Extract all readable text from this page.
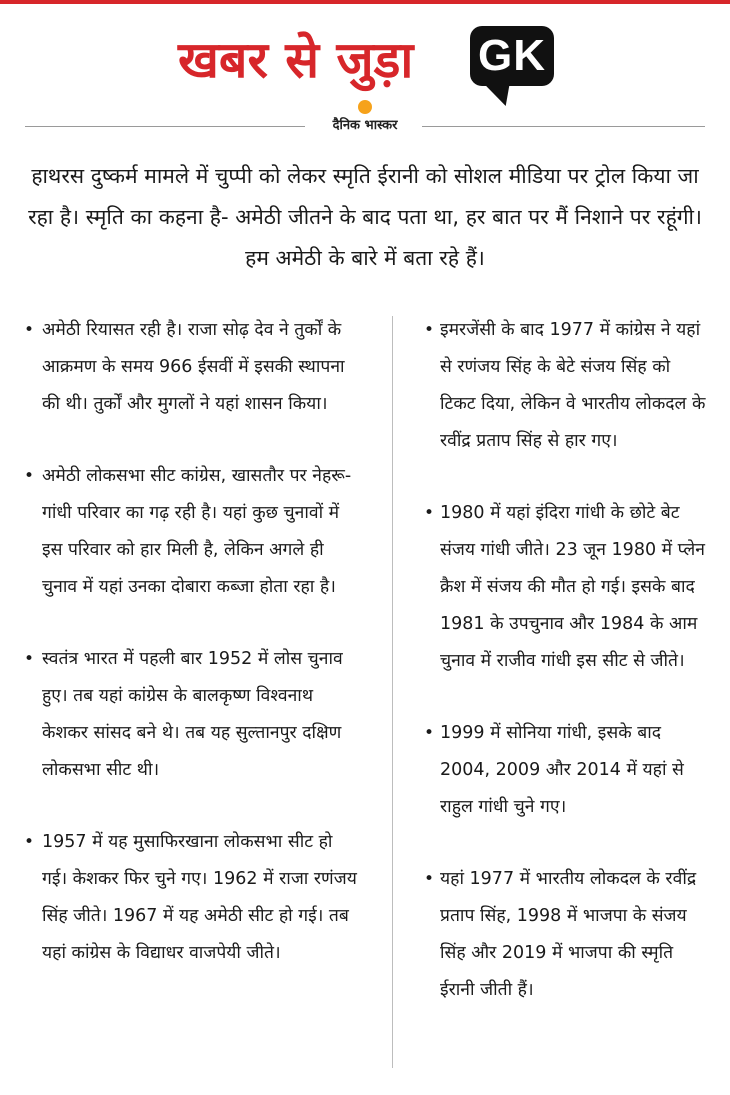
खबर से जुड़ा GK
दैनिक भास्कर
हाथरस दुष्कर्म मामले में चुप्पी को लेकर स्मृति ईरानी को सोशल मीडिया पर ट्रोल किया जा रहा है। स्मृति का कहना है- अमेठी जीतने के बाद पता था, हर बात पर मैं निशाने पर रहूंगी। हम अमेठी के बारे में बता रहे हैं।
• अमेठी रियासत रही है। राजा सोढ़ देव ने तुर्कों के आक्रमण के समय 966 ईसवीं में इसकी स्थापना की थी। तुर्कों और मुगलों ने यहां शासन किया।
• अमेठी लोकसभा सीट कांग्रेस, खासतौर पर नेहरू-गांधी परिवार का गढ़ रही है। यहां कुछ चुनावों में इस परिवार को हार मिली है, लेकिन अगले ही चुनाव में यहां उनका दोबारा कब्जा होता रहा है।
• स्वतंत्र भारत में पहली बार 1952 में लोस चुनाव हुए। तब यहां कांग्रेस के बालकृष्ण विश्वनाथ केशकर सांसद बने थे। तब यह सुल्तानपुर दक्षिण लोकसभा सीट थी।
• 1957 में यह मुसाफिरखाना लोकसभा सीट हो गई। केशकर फिर चुने गए। 1962 में राजा रणंजय सिंह जीते। 1967 में यह अमेठी सीट हो गई। तब यहां कांग्रेस के विद्याधर वाजपेयी जीते।
• इमरजेंसी के बाद 1977 में कांग्रेस ने यहां से रणंजय सिंह के बेटे संजय सिंह को टिकट दिया, लेकिन वे भारतीय लोकदल के रवींद्र प्रताप सिंह से हार गए।
• 1980 में यहां इंदिरा गांधी के छोटे बेट संजय गांधी जीते। 23 जून 1980 में प्लेन क्रैश में संजय की मौत हो गई। इसके बाद 1981 के उपचुनाव और 1984 के आम चुनाव में राजीव गांधी इस सीट से जीते।
• 1999 में सोनिया गांधी, इसके बाद 2004, 2009 और 2014 में यहां से राहुल गांधी चुने गए।
• यहां 1977 में भारतीय लोकदल के रवींद्र प्रताप सिंह, 1998 में भाजपा के संजय सिंह और 2019 में भाजपा की स्मृति ईरानी जीती हैं।
